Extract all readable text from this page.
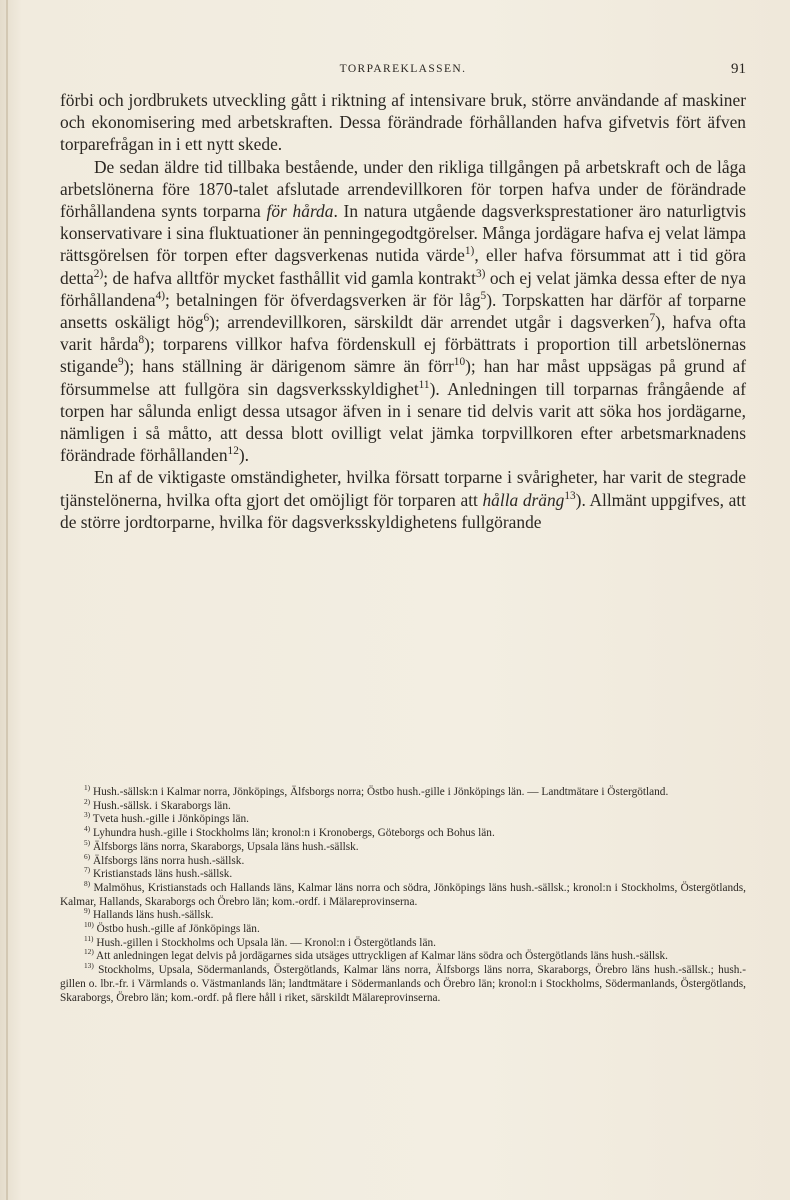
TORPAREKLASSEN.	91

förbi och jordbrukets utveckling gått i riktning af intensivare bruk, större användande af maskiner och ekonomisering med arbetskraften. Dessa förändrade förhållanden hafva gifvetvis fört äfven torparefrågan in i ett nytt skede.

De sedan äldre tid tillbaka bestående, under den rikliga tillgången på arbetskraft och de låga arbetslönerna före 1870-talet afslutade arrendevillkoren för torpen hafva under de förändrade förhållandena synts torparna för hårda. In natura utgående dagsverksprestationer äro naturligtvis konservativare i sina fluktuationer än penningegodtgörelser. Många jordägare hafva ej velat lämpa rättsgörelsen för torpen efter dagsverkenas nutida värde$^{1)}$, eller hafva försummat att i tid göra detta$^{2)}$; de hafva alltför mycket fasthållit vid gamla kontrakt$^{3)}$ och ej velat jämka dessa efter de nya förhållandena$^{4)}$; betalningen för öfverdagsverken är för låg$^5$). Torpskatten har därför af torparne ansetts oskäligt hög$^6$); arrendevillkoren, särskildt där arrendet utgår i dagsverken$^7$), hafva ofta varit hårda$^8$); torparens villkor hafva fördenskull ej förbättrats i proportion till arbetslönernas stigande$^9$); hans ställning är därigenom sämre än förr$^{10}$); han har måst uppsägas på grund af försummelse att fullgöra sin dagsverksskyldighet$^{11}$). Anledningen till torparnas frångående af torpen har sålunda enligt dessa utsagor äfven in i senare tid delvis varit att söka hos jordägarne, nämligen i så måtto, att dessa blott ovilligt velat jämka torpvillkoren efter arbetsmarknadens förändrade förhållanden$^{12}$).

En af de viktigaste omständigheter, hvilka försatt torparne i svårigheter, har varit de stegrade tjänstelönerna, hvilka ofta gjort det omöjligt för torparen att hålla dräng$^{13}$). Allmänt uppgifves, att de större jordtorparne, hvilka för dagsverksskyldighetens fullgörande

$^{1)}$ Hush.-sällsk:n i Kalmar norra, Jönköpings, Älfsborgs norra; Östbo hush.-gille i Jönköpings län. — Landtmätare i Östergötland.

$^{2)}$ Hush.-sällsk. i Skaraborgs län.

$^{3)}$ Tveta hush.-gille i Jönköpings län.

$^{4)}$ Lyhundra hush.-gille i Stockholms län; kronol:n i Kronobergs, Göteborgs och Bohus län.

$^{5)}$ Älfsborgs läns norra, Skaraborgs, Upsala läns hush.-sällsk.

$^{6)}$ Älfsborgs läns norra hush.-sällsk.

$^{7)}$ Kristianstads läns hush.-sällsk.

$^{8)}$ Malmöhus, Kristianstads och Hallands läns, Kalmar läns norra och södra, Jönköpings läns hush.-sällsk.; kronol:n i Stockholms, Östergötlands, Kalmar, Hallands, Skaraborgs och Örebro län; kom.-ordf. i Mälareprovinserna.

$^{9)}$ Hallands läns hush.-sällsk.

$^{10)}$ Östbo hush.-gille af Jönköpings län.

$^{11)}$ Hush.-gillen i Stockholms och Upsala län. — Kronol:n i Östergötlands län.

$^{12)}$ Att anledningen legat delvis på jordägarnes sida utsäges uttryckligen af Kalmar läns södra och Östergötlands läns hush.-sällsk.

$^{13)}$ Stockholms, Upsala, Södermanlands, Östergötlands, Kalmar läns norra, Älfsborgs läns norra, Skaraborgs, Örebro läns hush.-sällsk.; hush.-gillen o. lbr.-fr. i Värmlands o. Västmanlands län; landtmätare i Södermanlands och Örebro län; kronol:n i Stockholms, Södermanlands, Östergötlands, Skaraborgs, Örebro län; kom.-ordf. på flere håll i riket, särskildt Mälareprovinserna.
